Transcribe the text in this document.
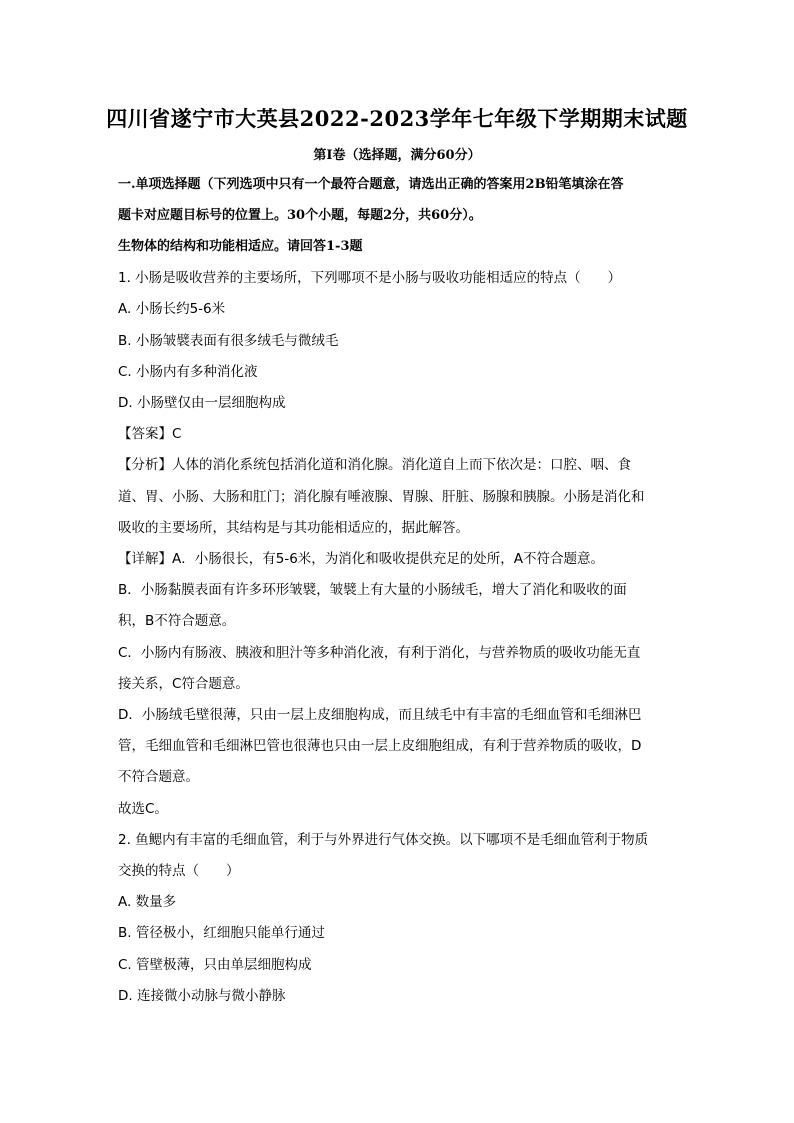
四川省遂宁市大英县2022-2023学年七年级下学期期末试题
第Ⅰ卷（选择题，满分60分）
一.单项选择题（下列选项中只有一个最符合题意，请选出正确的答案用2B铅笔填涂在答
题卡对应题目标号的位置上。30个小题，每题2分，共60分）。
生物体的结构和功能相适应。请回答1-3题
1. 小肠是吸收营养的主要场所，下列哪项不是小肠与吸收功能相适应的特点（　　）
A. 小肠长约5-6米
B. 小肠皱襞表面有很多绒毛与微绒毛
C. 小肠内有多种消化液
D. 小肠壁仅由一层细胞构成
【答案】C
【分析】人体的消化系统包括消化道和消化腺。消化道自上而下依次是：口腔、咽、食
道、胃、小肠、大肠和肛门；消化腺有唾液腺、胃腺、肝脏、肠腺和胰腺。小肠是消化和
吸收的主要场所，其结构是与其功能相适应的，据此解答。
【详解】A．小肠很长，有5-6米，为消化和吸收提供充足的处所，A不符合题意。
B．小肠黏膜表面有许多环形皱襞，皱襞上有大量的小肠绒毛，增大了消化和吸收的面
积，B不符合题意。
C．小肠内有肠液、胰液和胆汁等多种消化液，有利于消化，与营养物质的吸收功能无直
接关系，C符合题意。
D．小肠绒毛壁很薄，只由一层上皮细胞构成，而且绒毛中有丰富的毛细血管和毛细淋巴
管，毛细血管和毛细淋巴管也很薄也只由一层上皮细胞组成，有利于营养物质的吸收，D
不符合题意。
故选C。
2. 鱼鳃内有丰富的毛细血管，利于与外界进行气体交换。以下哪项不是毛细血管利于物质
交换的特点（　　）
A. 数量多
B. 管径极小，红细胞只能单行通过
C. 管壁极薄，只由单层细胞构成
D. 连接微小动脉与微小静脉
